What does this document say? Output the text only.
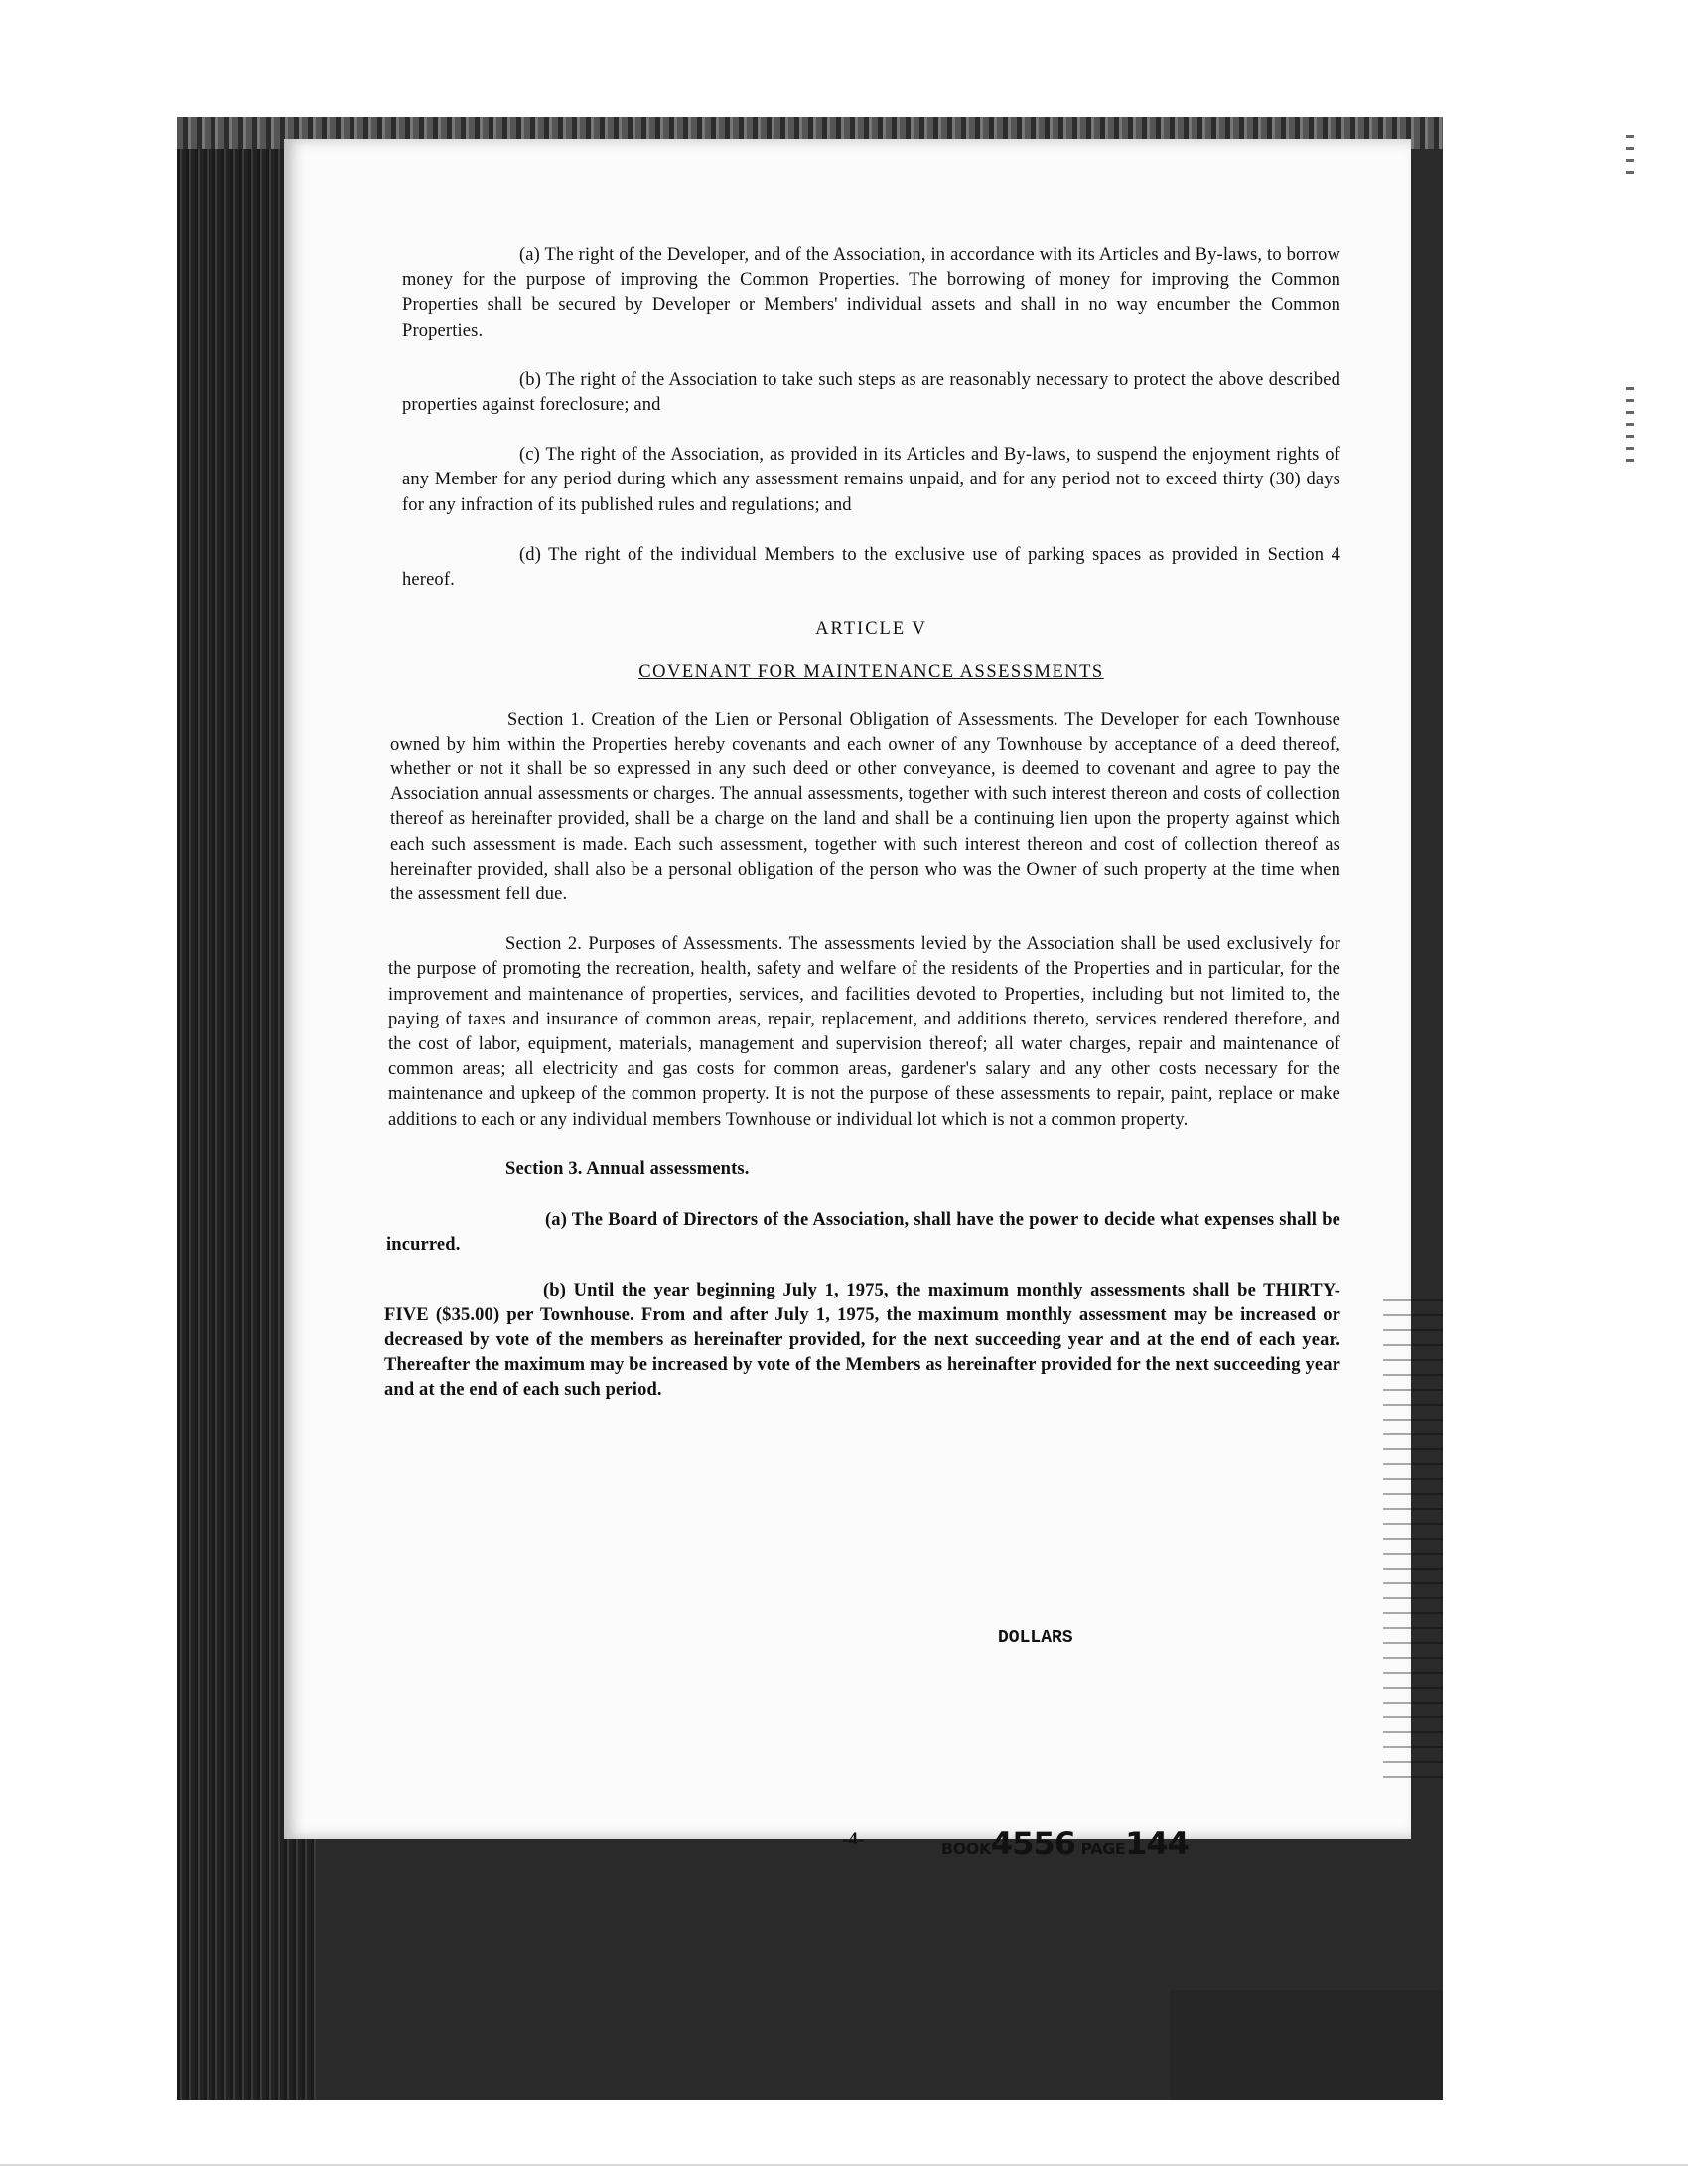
(a) The right of the Developer, and of the Association, in accordance with its Articles and By-laws, to borrow money for the purpose of improving the Common Properties. The borrowing of money for improving the Common Properties shall be secured by Developer or Members' individual assets and shall in no way encumber the Common Properties.

(b) The right of the Association to take such steps as are reasonably necessary to protect the above described properties against foreclosure; and

(c) The right of the Association, as provided in its Articles and By-laws, to suspend the enjoyment rights of any Member for any period during which any assessment remains unpaid, and for any period not to exceed thirty (30) days for any infraction of its published rules and regulations; and

(d) The right of the individual Members to the exclusive use of parking spaces as provided in Section 4 hereof.

ARTICLE V

COVENANT FOR MAINTENANCE ASSESSMENTS

Section 1. Creation of the Lien or Personal Obligation of Assessments. The Developer for each Townhouse owned by him within the Properties hereby covenants and each owner of any Townhouse by acceptance of a deed thereof, whether or not it shall be so expressed in any such deed or other conveyance, is deemed to covenant and agree to pay the Association annual assessments or charges. The annual assessments, together with such interest thereon and costs of collection thereof as hereinafter provided, shall be a charge on the land and shall be a continuing lien upon the property against which each such assessment is made. Each such assessment, together with such interest thereon and cost of collection thereof as hereinafter provided, shall also be a personal obligation of the person who was the Owner of such property at the time when the assessment fell due.

Section 2. Purposes of Assessments. The assessments levied by the Association shall be used exclusively for the purpose of promoting the recreation, health, safety and welfare of the residents of the Properties and in particular, for the improvement and maintenance of properties, services, and facilities devoted to Properties, including but not limited to, the paying of taxes and insurance of common areas, repair, replacement, and additions thereto, services rendered therefore, and the cost of labor, equipment, materials, management and supervision thereof; all water charges, repair and maintenance of common areas; all electricity and gas costs for common areas, gardener's salary and any other costs necessary for the maintenance and upkeep of the common property. It is not the purpose of these assessments to repair, paint, replace or make additions to each or any individual members Townhouse or individual lot which is not a common property.

Section 3. Annual assessments.

(a) The Board of Directors of the Association, shall have the power to decide what expenses shall be incurred.

(b) Until the year beginning July 1, 1975, the maximum monthly assessments shall be THIRTY-FIVE ($35.00) per Townhouse. From and after July 1, 1975, the maximum monthly assessment may be increased or decreased by vote of the members as hereinafter provided, for the next succeeding year and at the end of each year. Thereafter the maximum may be increased by vote of the Members as hereinafter provided for the next succeeding year and at the end of each such period.

DOLLARS
-4-	BOOK4556 PAGE144
